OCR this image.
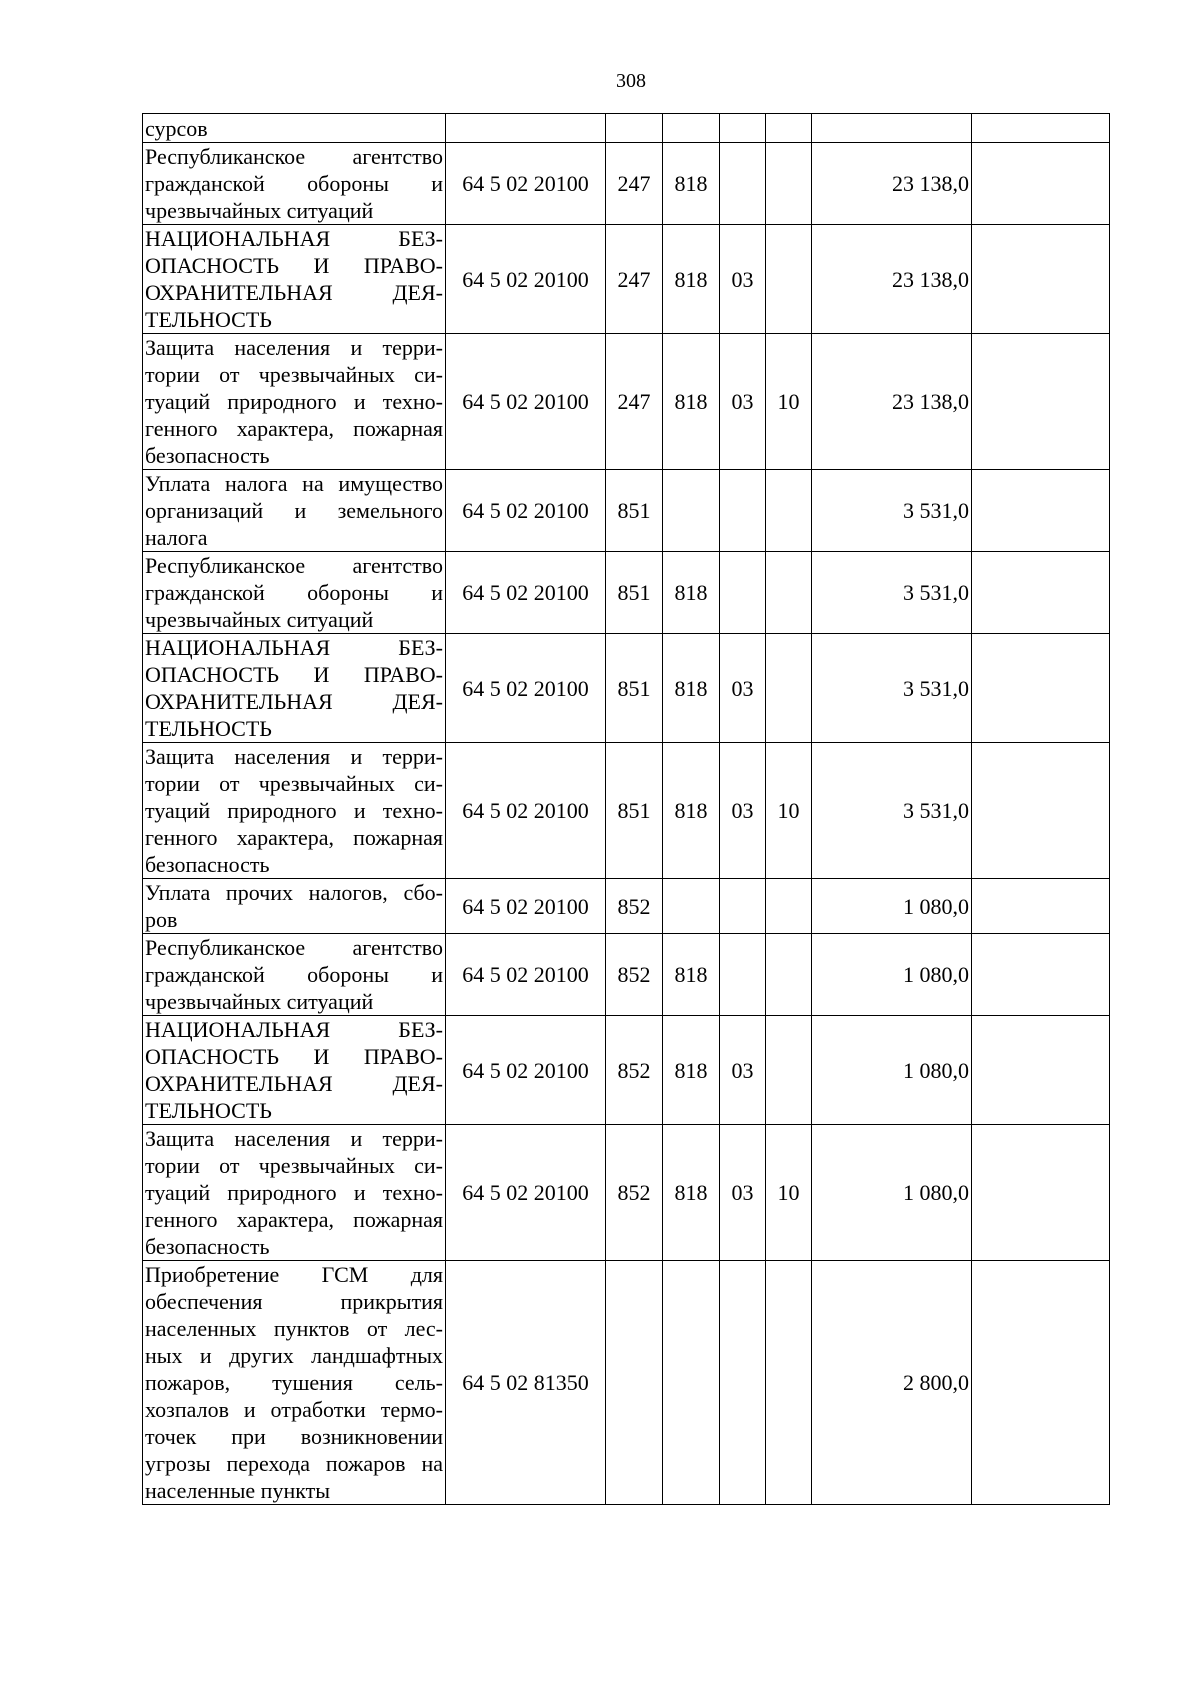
308
сурсов							
Республиканское агентство гражданской обороны и чрезвычайных ситуаций	64 5 02 20100	247	818			23 138,0	
НАЦИОНАЛЬНАЯ БЕЗ-ОПАСНОСТЬ И ПРАВО-ОХРАНИТЕЛЬНАЯ ДЕЯ-ТЕЛЬНОСТЬ	64 5 02 20100	247	818	03		23 138,0	
Защита населения и терри-тории от чрезвычайных си-туаций природного и техно-генного характера, пожарная безопасность	64 5 02 20100	247	818	03	10	23 138,0	
Уплата налога на имущество организаций и земельного налога	64 5 02 20100	851				3 531,0	
Республиканское агентство гражданской обороны и чрезвычайных ситуаций	64 5 02 20100	851	818			3 531,0	
НАЦИОНАЛЬНАЯ БЕЗ-ОПАСНОСТЬ И ПРАВО-ОХРАНИТЕЛЬНАЯ ДЕЯ-ТЕЛЬНОСТЬ	64 5 02 20100	851	818	03		3 531,0	
Защита населения и терри-тории от чрезвычайных си-туаций природного и техно-генного характера, пожарная безопасность	64 5 02 20100	851	818	03	10	3 531,0	
Уплата прочих налогов, сбо-ров	64 5 02 20100	852				1 080,0	
Республиканское агентство гражданской обороны и чрезвычайных ситуаций	64 5 02 20100	852	818			1 080,0	
НАЦИОНАЛЬНАЯ БЕЗ-ОПАСНОСТЬ И ПРАВО-ОХРАНИТЕЛЬНАЯ ДЕЯ-ТЕЛЬНОСТЬ	64 5 02 20100	852	818	03		1 080,0	
Защита населения и терри-тории от чрезвычайных си-туаций природного и техно-генного характера, пожарная безопасность	64 5 02 20100	852	818	03	10	1 080,0	
Приобретение ГСМ для обеспечения прикрытия населенных пунктов от лес-ных и других ландшафтных пожаров, тушения сель-хозпалов и отработки термо-точек при возникновении угрозы перехода пожаров на населенные пункты	64 5 02 81350					2 800,0	
